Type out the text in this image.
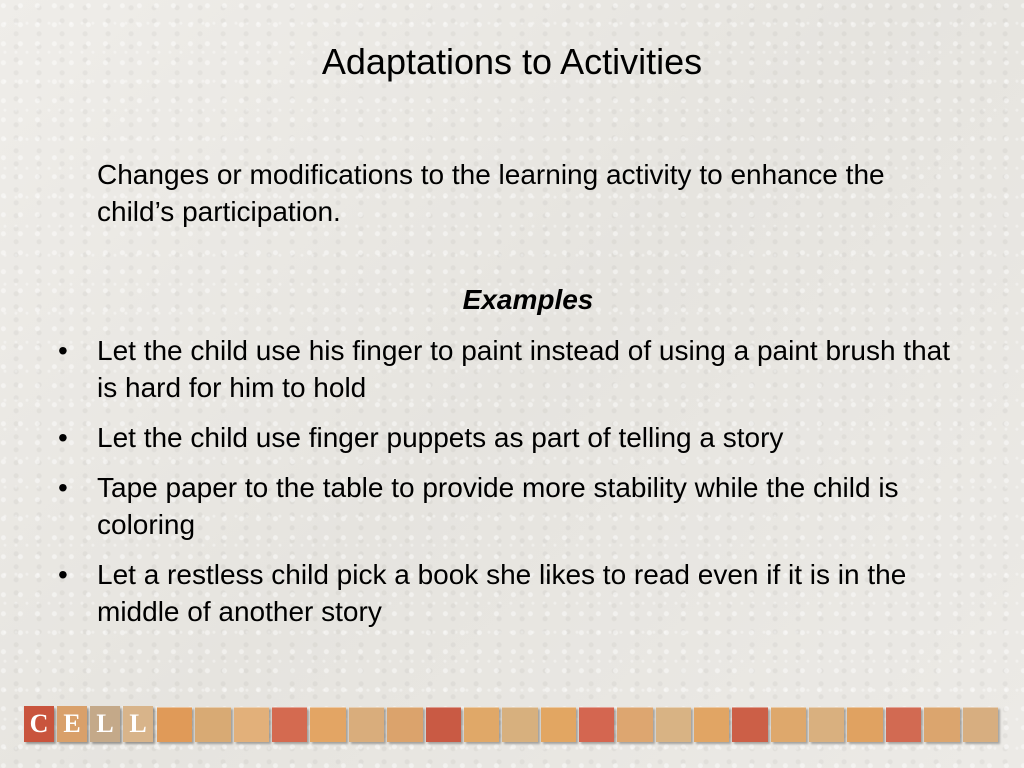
Adaptations to Activities
Changes or modifications to the learning activity to enhance the child’s participation.
Examples
• Let the child use his finger to paint instead of using a paint brush that is hard for him to hold
• Let the child use finger puppets as part of telling a story
• Tape paper to the table to provide more stability while the child is coloring
• Let a restless child pick a book she likes to read even if it is in the middle of another story
C E L L
